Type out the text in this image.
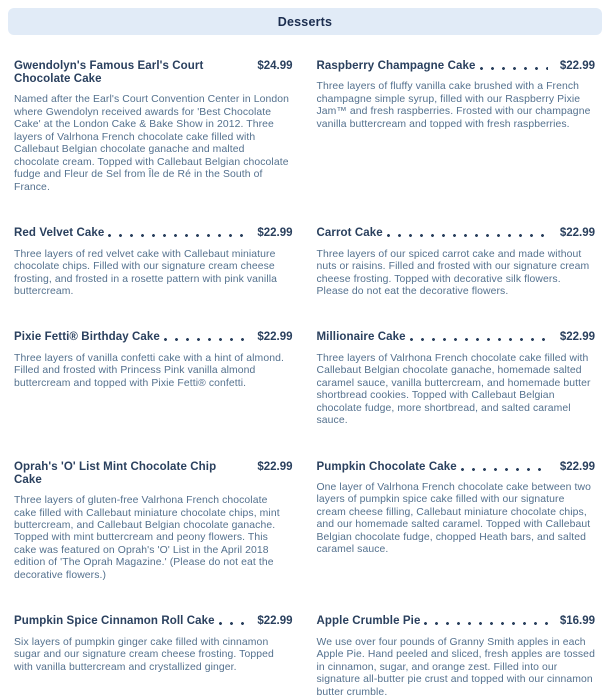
Desserts
Gwendolyn's Famous Earl's Court Chocolate Cake
$24.99
Named after the Earl's Court Convention Center in London where Gwendolyn received awards for 'Best Chocolate Cake' at the London Cake & Bake Show in 2012. Three layers of Valrhona French chocolate cake filled with Callebaut Belgian chocolate ganache and malted chocolate cream. Topped with Callebaut Belgian chocolate fudge and Fleur de Sel from Île de Ré in the South of France.
Raspberry Champagne Cake	$22.99
Three layers of fluffy vanilla cake brushed with a French champagne simple syrup, filled with our Raspberry Pixie Jam™ and fresh raspberries. Frosted with our champagne vanilla buttercream and topped with fresh raspberries.
Red Velvet Cake	$22.99
Three layers of red velvet cake with Callebaut miniature chocolate chips. Filled with our signature cream cheese frosting, and frosted in a rosette pattern with pink vanilla buttercream.
Carrot Cake	$22.99
Three layers of our spiced carrot cake and made without nuts or raisins. Filled and frosted with our signature cream cheese frosting. Topped with decorative silk flowers. Please do not eat the decorative flowers.
Pixie Fetti® Birthday Cake	$22.99
Three layers of vanilla confetti cake with a hint of almond. Filled and frosted with Princess Pink vanilla almond buttercream and topped with Pixie Fetti® confetti.
Millionaire Cake	$22.99
Three layers of Valrhona French chocolate cake filled with Callebaut Belgian chocolate ganache, homemade salted caramel sauce, vanilla buttercream, and homemade butter shortbread cookies. Topped with Callebaut Belgian chocolate fudge, more shortbread, and salted caramel sauce.
Oprah's 'O' List Mint Chocolate Chip Cake
$22.99
Three layers of gluten-free Valrhona French chocolate cake filled with Callebaut miniature chocolate chips, mint buttercream, and Callebaut Belgian chocolate ganache. Topped with mint buttercream and peony flowers. This cake was featured on Oprah's 'O' List in the April 2018 edition of 'The Oprah Magazine.' (Please do not eat the decorative flowers.)
Pumpkin Chocolate Cake	$22.99
One layer of Valrhona French chocolate cake between two layers of pumpkin spice cake filled with our signature cream cheese filling, Callebaut miniature chocolate chips, and our homemade salted caramel. Topped with Callebaut Belgian chocolate fudge, chopped Heath bars, and salted caramel sauce.
Pumpkin Spice Cinnamon Roll Cake	$22.99
Six layers of pumpkin ginger cake filled with cinnamon sugar and our signature cream cheese frosting. Topped with vanilla buttercream and crystallized ginger.
Apple Crumble Pie	$16.99
We use over four pounds of Granny Smith apples in each Apple Pie. Hand peeled and sliced, fresh apples are tossed in cinnamon, sugar, and orange zest. Filled into our signature all-butter pie crust and topped with our cinnamon butter crumble.
